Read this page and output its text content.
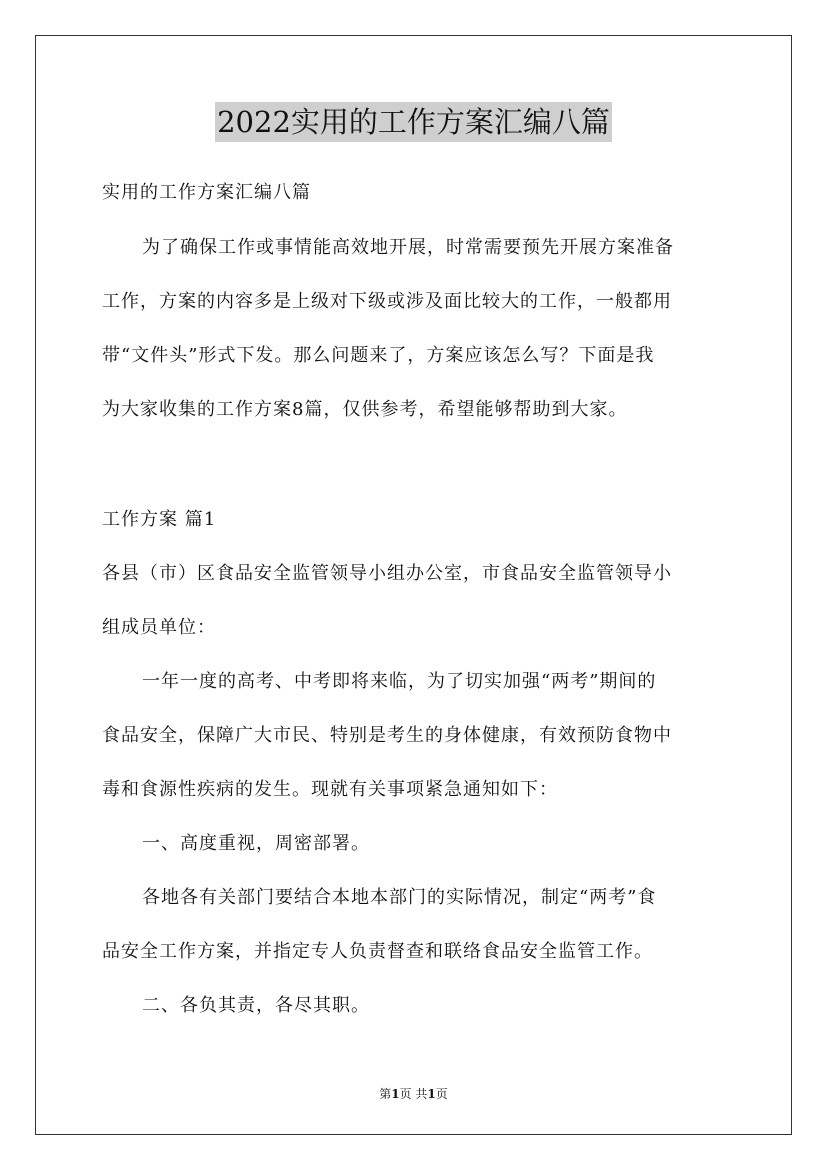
2022实用的工作方案汇编八篇
实用的工作方案汇编八篇
为了确保工作或事情能高效地开展，时常需要预先开展方案准备
工作，方案的内容多是上级对下级或涉及面比较大的工作，一般都用
带“文件头”形式下发。那么问题来了，方案应该怎么写？下面是我
为大家收集的工作方案8篇，仅供参考，希望能够帮助到大家。
工作方案 篇1
各县（市）区食品安全监管领导小组办公室，市食品安全监管领导小
组成员单位：
一年一度的高考、中考即将来临，为了切实加强“两考”期间的
食品安全，保障广大市民、特别是考生的身体健康，有效预防食物中
毒和食源性疾病的发生。现就有关事项紧急通知如下：
一、高度重视，周密部署。
各地各有关部门要结合本地本部门的实际情况，制定“两考”食
品安全工作方案，并指定专人负责督查和联络食品安全监管工作。
二、各负其责，各尽其职。
第1页 共1页
